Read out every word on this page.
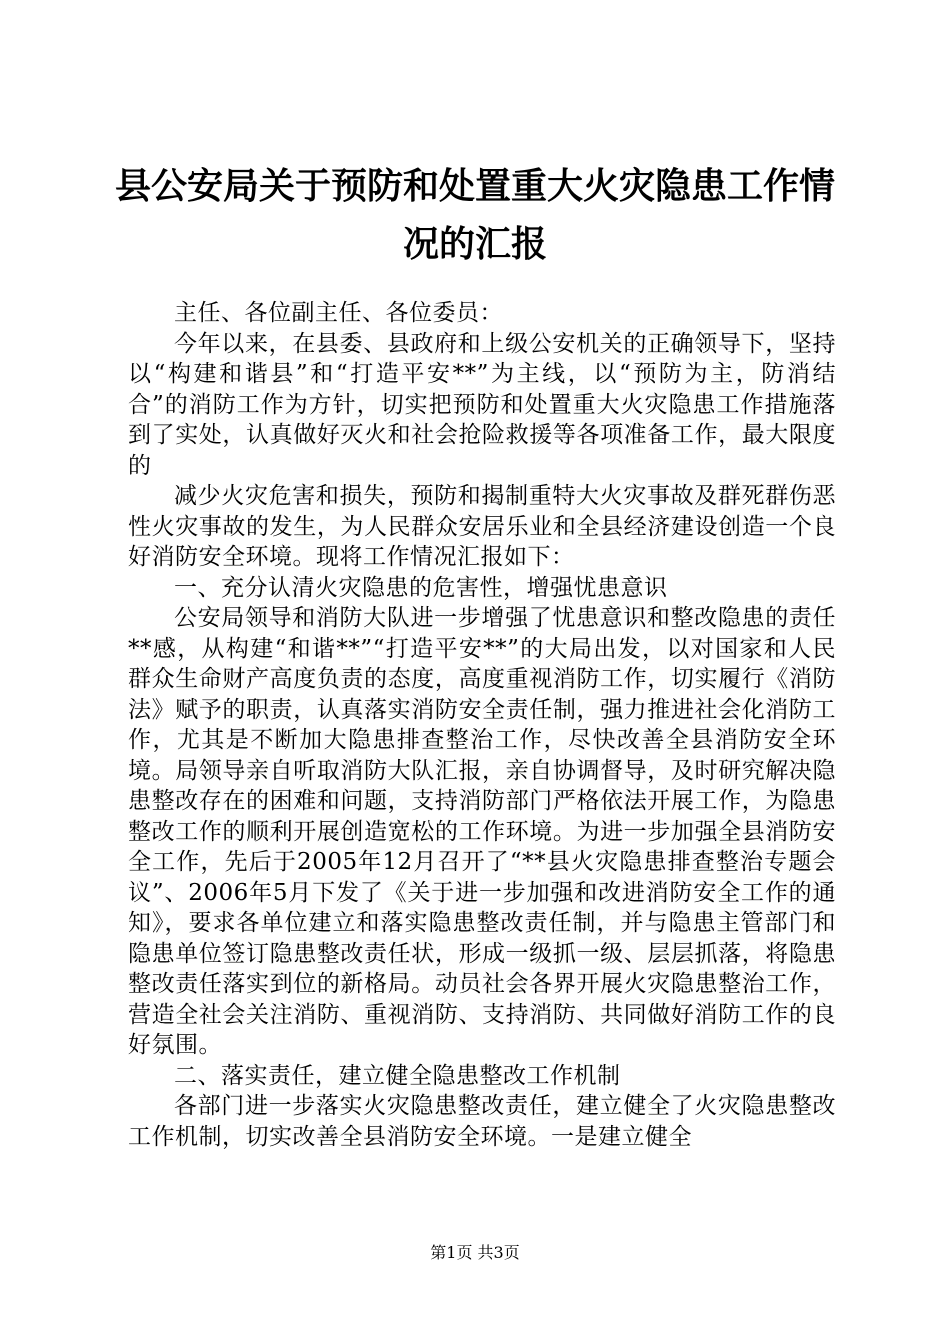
县公安局关于预防和处置重大火灾隐患工作情况的汇报

主任、各位副主任、各位委员：

今年以来，在县委、县政府和上级公安机关的正确领导下，坚持以“构建和谐县”和“打造平安**”为主线，以“预防为主，防消结合”的消防工作为方针，切实把预防和处置重大火灾隐患工作措施落到了实处，认真做好灭火和社会抢险救援等各项准备工作，最大限度的

减少火灾危害和损失，预防和揭制重特大火灾事故及群死群伤恶性火灾事故的发生，为人民群众安居乐业和全县经济建设创造一个良好消防安全环境。现将工作情况汇报如下：

一、充分认清火灾隐患的危害性，增强忧患意识

公安局领导和消防大队进一步增强了忧患意识和整改隐患的责任**感，从构建“和谐**”“打造平安**”的大局出发，以对国家和人民群众生命财产高度负责的态度，高度重视消防工作，切实履行《消防法》赋予的职责，认真落实消防安全责任制，强力推进社会化消防工作，尤其是不断加大隐患排查整治工作，尽快改善全县消防安全环境。局领导亲自听取消防大队汇报，亲自协调督导，及时研究解决隐患整改存在的困难和问题，支持消防部门严格依法开展工作，为隐患整改工作的顺利开展创造宽松的工作环境。为进一步加强全县消防安全工作，先后于2005年12月召开了“**县火灾隐患排查整治专题会议”、2006年5月下发了《关于进一步加强和改进消防安全工作的通知》，要求各单位建立和落实隐患整改责任制，并与隐患主管部门和隐患单位签订隐患整改责任状，形成一级抓一级、层层抓落，将隐患整改责任落实到位的新格局。动员社会各界开展火灾隐患整治工作，营造全社会关注消防、重视消防、支持消防、共同做好消防工作的良好氛围。

二、落实责任，建立健全隐患整改工作机制

各部门进一步落实火灾隐患整改责任，建立健全了火灾隐患整改工作机制，切实改善全县消防安全环境。一是建立健全

第1页 共3页
